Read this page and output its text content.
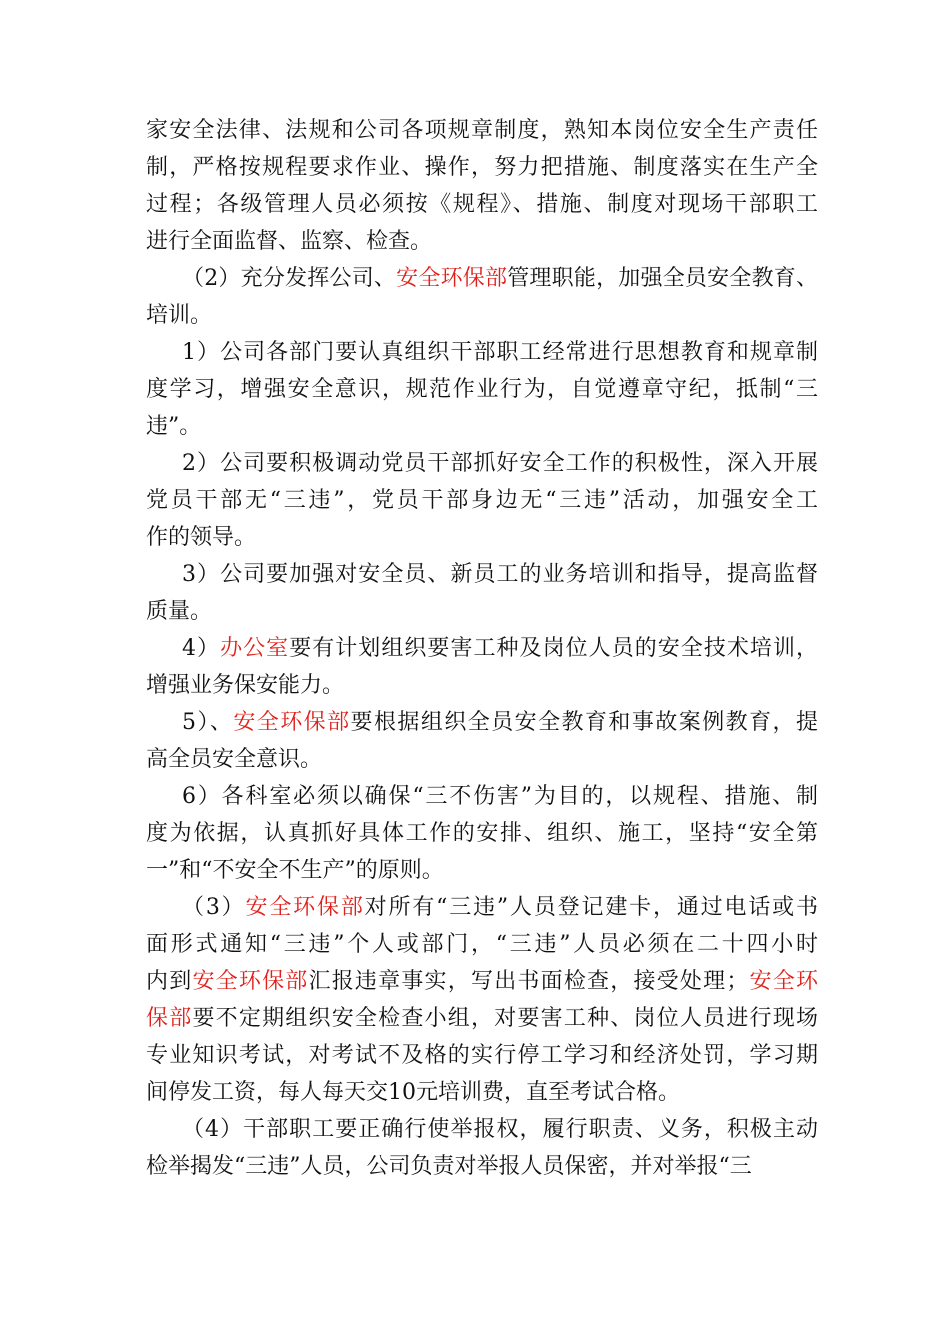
家安全法律、法规和公司各项规章制度，熟知本岗位安全生产责任
制，严格按规程要求作业、操作，努力把措施、制度落实在生产全
过程；各级管理人员必须按《规程》、措施、制度对现场干部职工
进行全面监督、监察、检查。
（2）充分发挥公司、安全环保部管理职能，加强全员安全教育、
培训。
1）公司各部门要认真组织干部职工经常进行思想教育和规章制
度学习，增强安全意识，规范作业行为，自觉遵章守纪，抵制“三
违”。
2）公司要积极调动党员干部抓好安全工作的积极性，深入开展
党员干部无“三违”，党员干部身边无“三违”活动，加强安全工
作的领导。
3）公司要加强对安全员、新员工的业务培训和指导，提高监督
质量。
4）办公室要有计划组织要害工种及岗位人员的安全技术培训，
增强业务保安能力。
5）、安全环保部要根据组织全员安全教育和事故案例教育，提
高全员安全意识。
6）各科室必须以确保“三不伤害”为目的，以规程、措施、制
度为依据，认真抓好具体工作的安排、组织、施工，坚持“安全第
一”和“不安全不生产”的原则。
（3）安全环保部对所有“三违”人员登记建卡，通过电话或书
面形式通知“三违”个人或部门，“三违”人员必须在二十四小时
内到安全环保部汇报违章事实，写出书面检查，接受处理；安全环
保部要不定期组织安全检查小组，对要害工种、岗位人员进行现场
专业知识考试，对考试不及格的实行停工学习和经济处罚，学习期
间停发工资，每人每天交10元培训费，直至考试合格。
（4）干部职工要正确行使举报权，履行职责、义务，积极主动
检举揭发“三违”人员，公司负责对举报人员保密，并对举报“三
